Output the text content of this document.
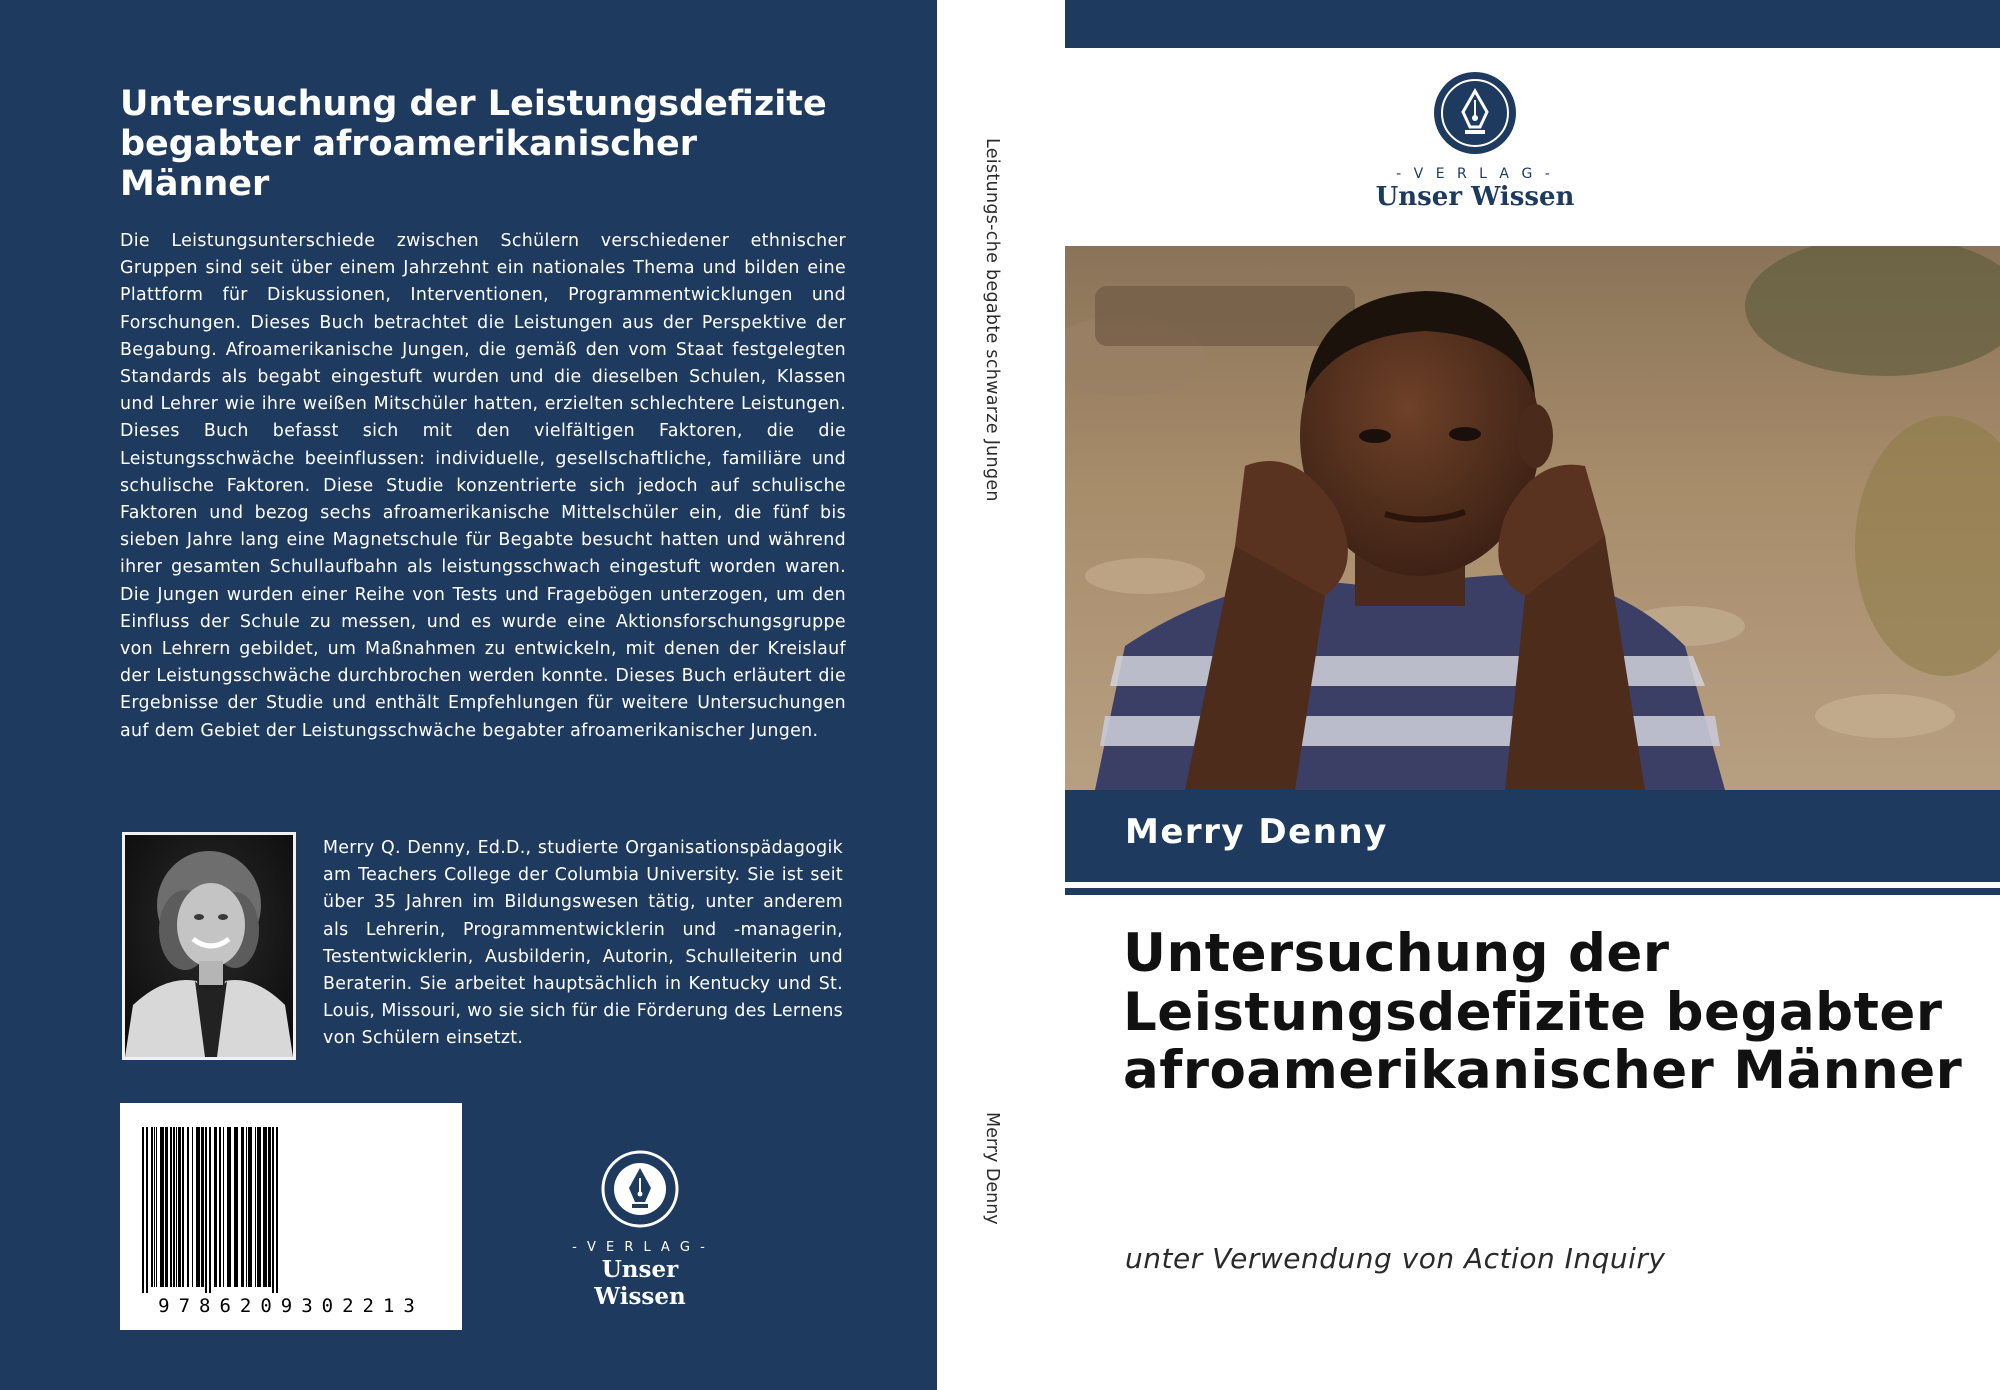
Untersuchung der Leistungsdefizite begabter afroamerikanischer Männer

Die Leistungsunterschiede zwischen Schülern verschiedener ethnischer Gruppen sind seit über einem Jahrzehnt ein nationales Thema und bilden eine Plattform für Diskussionen, Interventionen, Programmentwicklungen und Forschungen. Dieses Buch betrachtet die Leistungen aus der Perspektive der Begabung. Afroamerikanische Jungen, die gemäß den vom Staat festgelegten Standards als begabt eingestuft wurden und die dieselben Schulen, Klassen und Lehrer wie ihre weißen Mitschüler hatten, erzielten schlechtere Leistungen. Dieses Buch befasst sich mit den vielfältigen Faktoren, die die Leistungsschwäche beeinflussen: individuelle, gesellschaftliche, familiäre und schulische Faktoren. Diese Studie konzentrierte sich jedoch auf schulische Faktoren und bezog sechs afroamerikanische Mittelschüler ein, die fünf bis sieben Jahre lang eine Magnetschule für Begabte besucht hatten und während ihrer gesamten Schullaufbahn als leistungsschwach eingestuft worden waren. Die Jungen wurden einer Reihe von Tests und Fragebögen unterzogen, um den Einfluss der Schule zu messen, und es wurde eine Aktionsforschungsgruppe von Lehrern gebildet, um Maßnahmen zu entwickeln, mit denen der Kreislauf der Leistungsschwäche durchbrochen werden konnte. Dieses Buch erläutert die Ergebnisse der Studie und enthält Empfehlungen für weitere Untersuchungen auf dem Gebiet der Leistungsschwäche begabter afroamerikanischer Jungen.

Merry Q. Denny, Ed.D., studierte Organisationspädagogik am Teachers College der Columbia University. Sie ist seit über 35 Jahren im Bildungswesen tätig, unter anderem als Lehrerin, Programmentwicklerin und -managerin, Testentwicklerin, Ausbilderin, Autorin, Schulleiterin und Beraterin. Sie arbeitet hauptsächlich in Kentucky und St. Louis, Missouri, wo sie sich für die Förderung des Lernens von Schülern einsetzt.

9786209302213
- V E R L A G -
Unser Wissen
Leistungs-che begabte schwarze Jungen
Merry Denny
- V E R L A G -
Unser Wissen

Merry Denny

Untersuchung der Leistungsdefizite begabter afroamerikanischer Männer
unter Verwendung von Action Inquiry
